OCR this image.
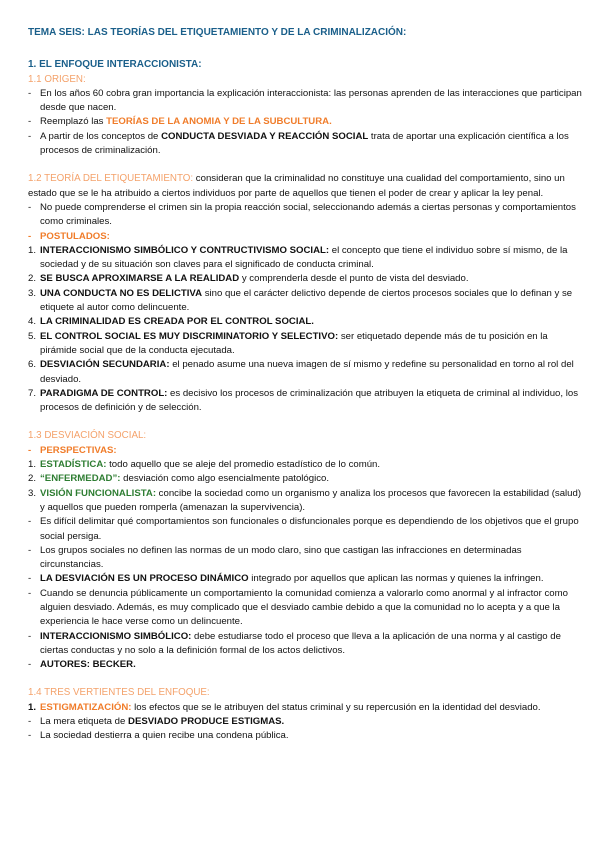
TEMA SEIS: LAS TEORÍAS DEL ETIQUETAMIENTO Y DE LA CRIMINALIZACIÓN:

1. EL ENFOQUE INTERACCIONISTA:

1.1 ORIGEN:

- En los años 60 cobra gran importancia la explicación interaccionista: las personas aprenden de las interacciones que participan desde que nacen.
- Reemplazó las TEORÍAS DE LA ANOMIA Y DE LA SUBCULTURA.
- A partir de los conceptos de CONDUCTA DESVIADA Y REACCIÓN SOCIAL trata de aportar una explicación científica a los procesos de criminalización.

1.2 TEORÍA DEL ETIQUETAMIENTO: consideran que la criminalidad no constituye una cualidad del comportamiento, sino un estado que se le ha atribuido a ciertos individuos por parte de aquellos que tienen el poder de crear y aplicar la ley penal.

- No puede comprenderse el crimen sin la propia reacción social, seleccionando además a ciertas personas y comportamientos como criminales.
- POSTULADOS:
1. INTERACCIONISMO SIMBÓLICO Y CONTRUCTIVISMO SOCIAL: el concepto que tiene el individuo sobre sí mismo, de la sociedad y de su situación son claves para el significado de conducta criminal.
2. SE BUSCA APROXIMARSE A LA REALIDAD y comprenderla desde el punto de vista del desviado.
3. UNA CONDUCTA NO ES DELICTIVA sino que el carácter delictivo depende de ciertos procesos sociales que lo definan y se etiquete al autor como delincuente.
4. LA CRIMINALIDAD ES CREADA POR EL CONTROL SOCIAL.
5. EL CONTROL SOCIAL ES MUY DISCRIMINATORIO Y SELECTIVO: ser etiquetado depende más de tu posición en la pirámide social que de la conducta ejecutada.
6. DESVIACIÓN SECUNDARIA: el penado asume una nueva imagen de sí mismo y redefine su personalidad en torno al rol del desviado.
7. PARADIGMA DE CONTROL: es decisivo los procesos de criminalización que atribuyen la etiqueta de criminal al individuo, los procesos de definición y de selección.

1.3 DESVIACIÓN SOCIAL:

- PERSPECTIVAS:
1. ESTADÍSTICA: todo aquello que se aleje del promedio estadístico de lo común.
2. “ENFERMEDAD”: desviación como algo esencialmente patológico.
3. VISIÓN FUNCIONALISTA: concibe la sociedad como un organismo y analiza los procesos que favorecen la estabilidad (salud) y aquellos que pueden romperla (amenazan la supervivencia).
- Es difícil delimitar qué comportamientos son funcionales o disfuncionales porque es dependiendo de los objetivos que el grupo social persiga.
- Los grupos sociales no definen las normas de un modo claro, sino que castigan las infracciones en determinadas circunstancias.
- LA DESVIACIÓN ES UN PROCESO DINÁMICO integrado por aquellos que aplican las normas y quienes la infringen.
- Cuando se denuncia públicamente un comportamiento la comunidad comienza a valorarlo como anormal y al infractor como alguien desviado. Además, es muy complicado que el desviado cambie debido a que la comunidad no lo acepta y a que la experiencia le hace verse como un delincuente.
- INTERACCIONISMO SIMBÓLICO: debe estudiarse todo el proceso que lleva a la aplicación de una norma y al castigo de ciertas conductas y no solo a la definición formal de los actos delictivos.
- AUTORES: BECKER.

1.4 TRES VERTIENTES DEL ENFOQUE:

1. ESTIGMATIZACIÓN: los efectos que se le atribuyen del status criminal y su repercusión en la identidad del desviado.
- La mera etiqueta de DESVIADO PRODUCE ESTIGMAS.
- La sociedad destierra a quien recibe una condena pública.
